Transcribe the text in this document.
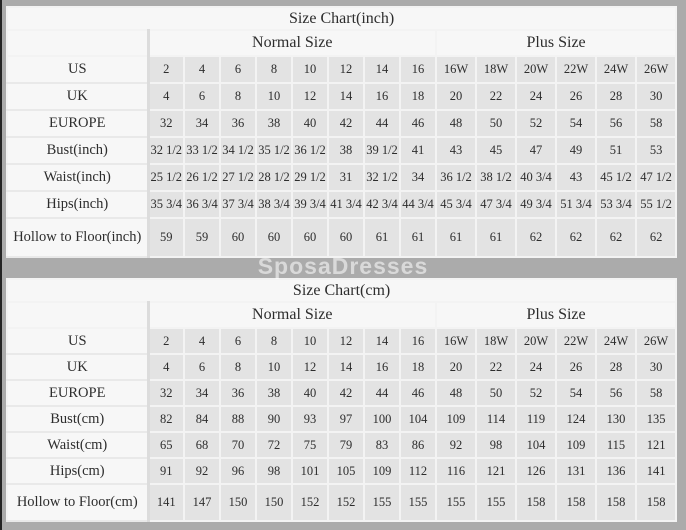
Size Chart(inch)														
	Normal Size								Plus Size					
US	2	4	6	8	10	12	14	16	16W	18W	20W	22W	24W	26W
UK	4	6	8	10	12	14	16	18	20	22	24	26	28	30
EUROPE	32	34	36	38	40	42	44	46	48	50	52	54	56	58
Bust(inch)	32 1/2	33 1/2	34 1/2	35 1/2	36 1/2	38	39 1/2	41	43	45	47	49	51	53
Waist(inch)	25 1/2	26 1/2	27 1/2	28 1/2	29 1/2	31	32 1/2	34	36 1/2	38 1/2	40 3/4	43	45 1/2	47 1/2
Hips(inch)	35 3/4	36 3/4	37 3/4	38 3/4	39 3/4	41 3/4	42 3/4	44 3/4	45 3/4	47 3/4	49 3/4	51 3/4	53 3/4	55 1/2
Hollow to Floor(inch)	59	59	60	60	60	60	61	61	61	61	62	62	62	62
SposaDresses
Size Chart(cm)														
	Normal Size								Plus Size					
US	2	4	6	8	10	12	14	16	16W	18W	20W	22W	24W	26W
UK	4	6	8	10	12	14	16	18	20	22	24	26	28	30
EUROPE	32	34	36	38	40	42	44	46	48	50	52	54	56	58
Bust(cm)	82	84	88	90	93	97	100	104	109	114	119	124	130	135
Waist(cm)	65	68	70	72	75	79	83	86	92	98	104	109	115	121
Hips(cm)	91	92	96	98	101	105	109	112	116	121	126	131	136	141
Hollow to Floor(cm)	141	147	150	150	152	152	155	155	155	155	158	158	158	158
